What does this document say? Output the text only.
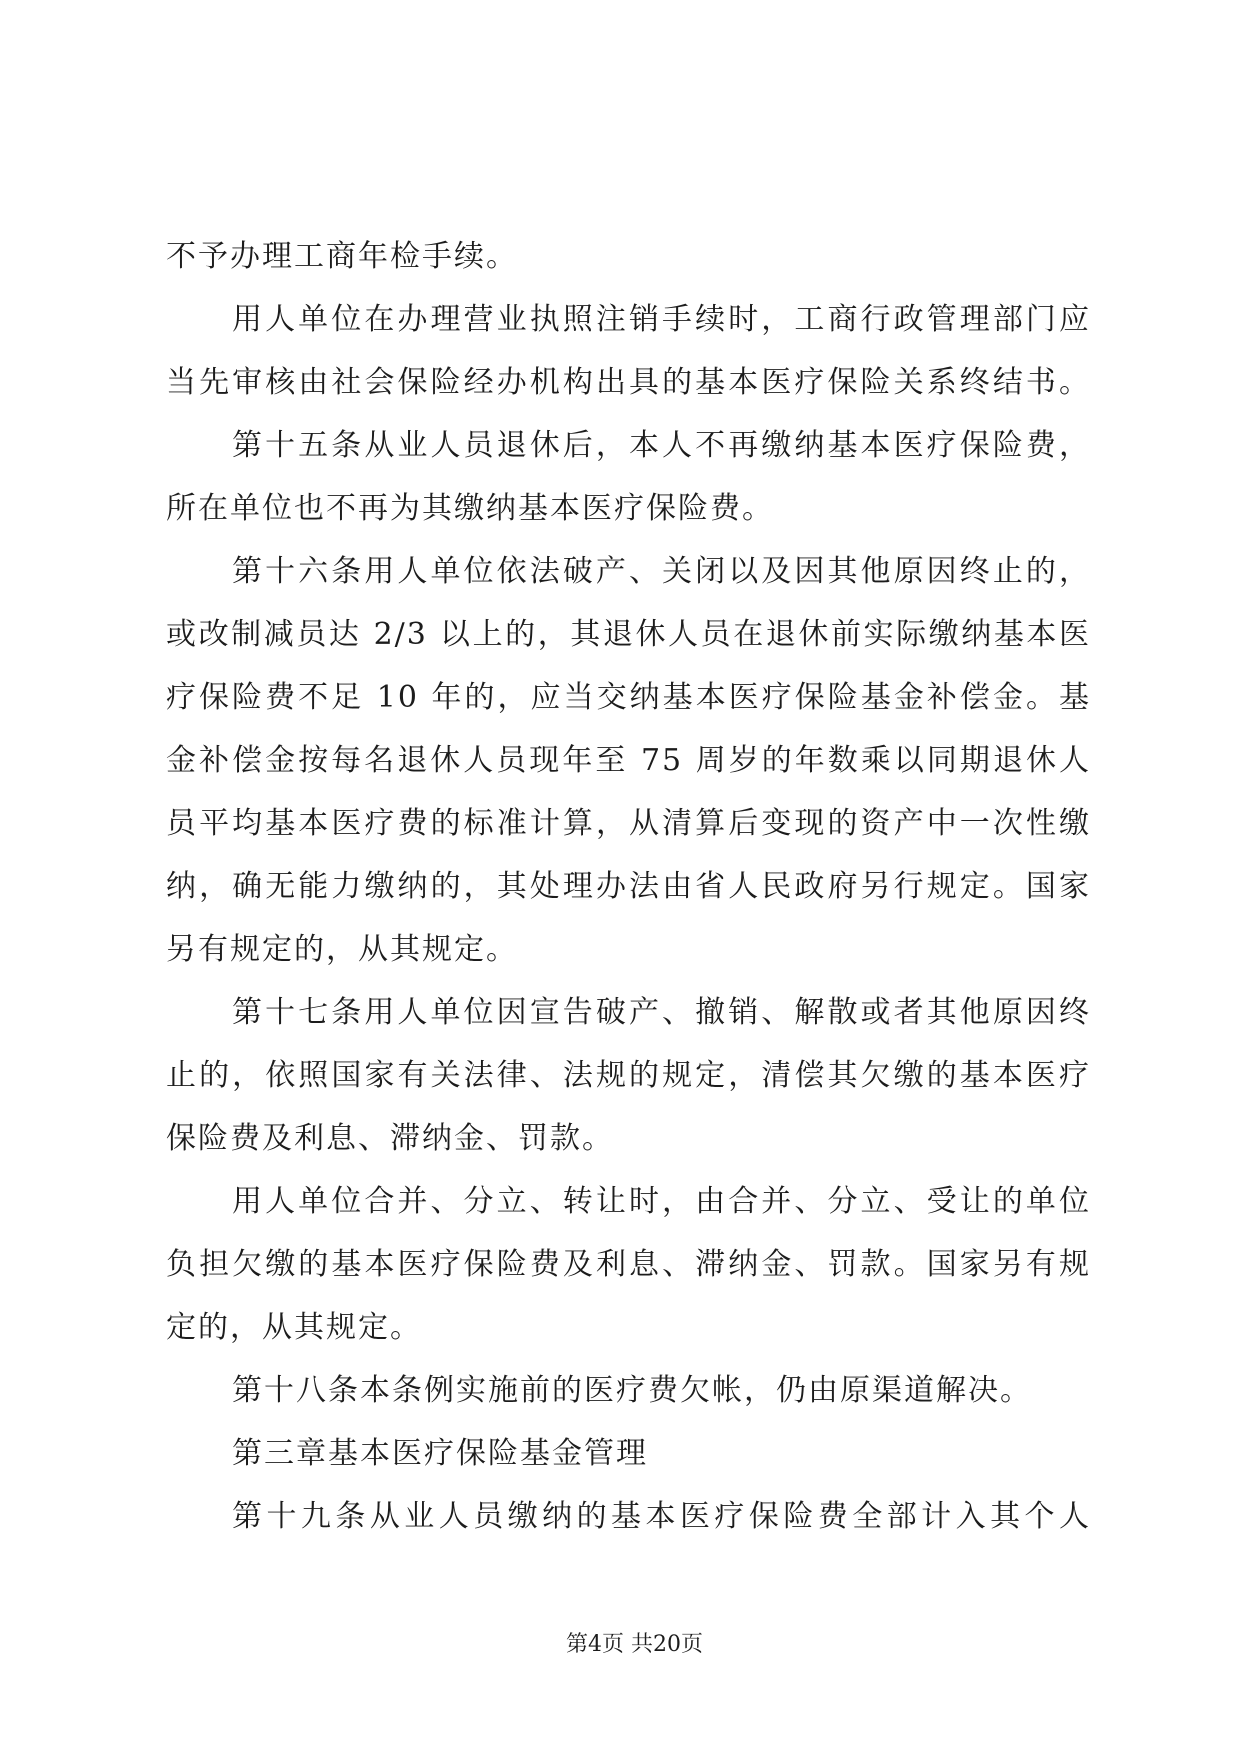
不予办理工商年检手续。
用人单位在办理营业执照注销手续时，工商行政管理部门应
当先审核由社会保险经办机构出具的基本医疗保险关系终结书。
第十五条从业人员退休后，本人不再缴纳基本医疗保险费，
所在单位也不再为其缴纳基本医疗保险费。
第十六条用人单位依法破产、关闭以及因其他原因终止的，
或改制减员达 2/3 以上的，其退休人员在退休前实际缴纳基本医
疗保险费不足 10 年的，应当交纳基本医疗保险基金补偿金。基
金补偿金按每名退休人员现年至 75 周岁的年数乘以同期退休人
员平均基本医疗费的标准计算，从清算后变现的资产中一次性缴
纳，确无能力缴纳的，其处理办法由省人民政府另行规定。国家
另有规定的，从其规定。
第十七条用人单位因宣告破产、撤销、解散或者其他原因终
止的，依照国家有关法律、法规的规定，清偿其欠缴的基本医疗
保险费及利息、滞纳金、罚款。
用人单位合并、分立、转让时，由合并、分立、受让的单位
负担欠缴的基本医疗保险费及利息、滞纳金、罚款。国家另有规
定的，从其规定。
第十八条本条例实施前的医疗费欠帐，仍由原渠道解决。
第三章基本医疗保险基金管理
第十九条从业人员缴纳的基本医疗保险费全部计入其个人
第4页 共20页
